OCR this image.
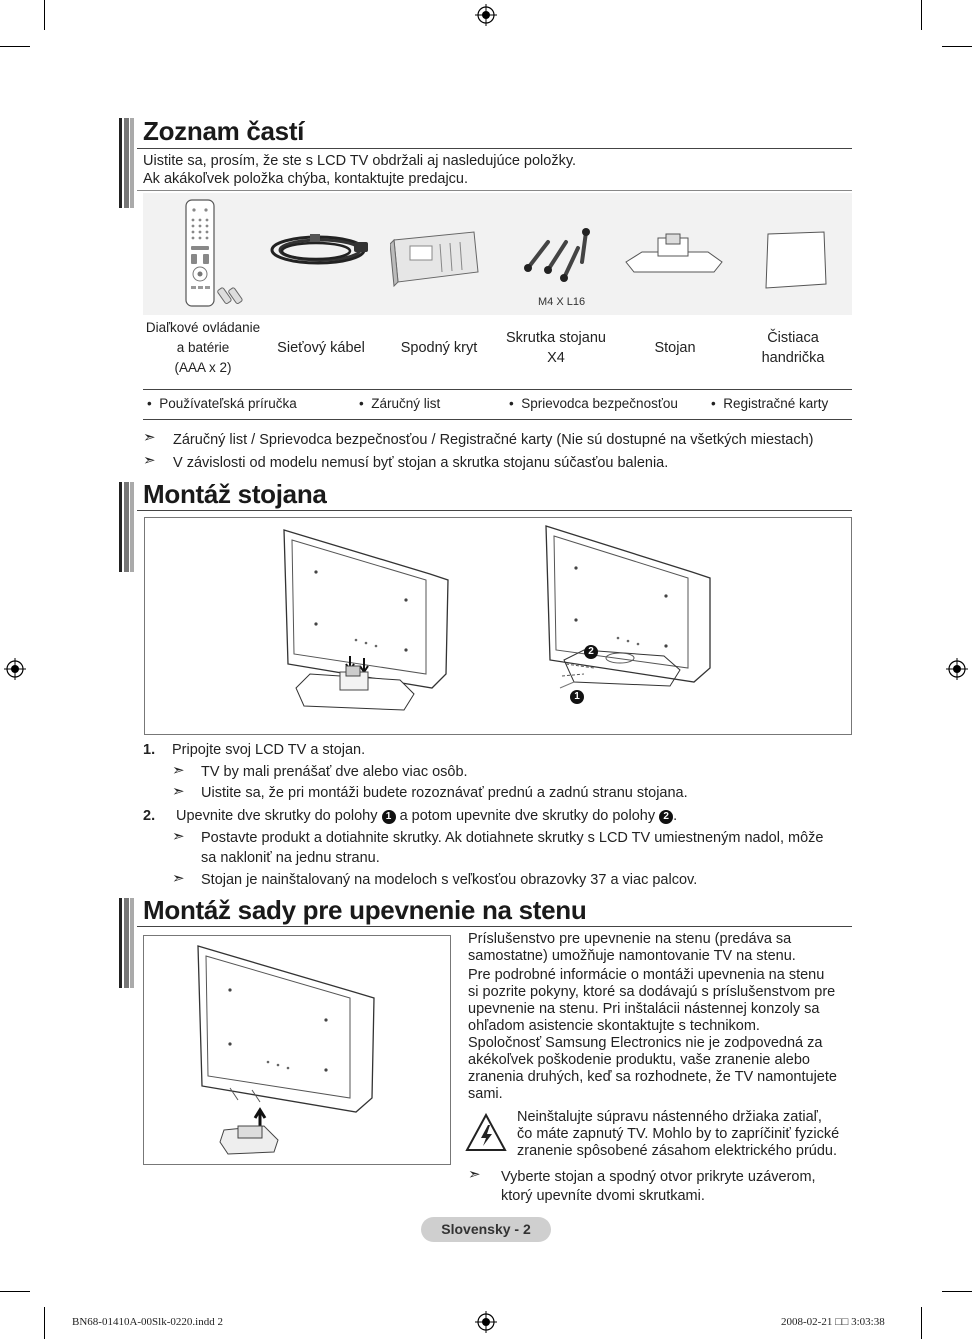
Zoznam častí
Uistite sa, prosím, že ste s LCD TV obdržali aj nasledujúce položky.
Ak akákoľvek položka chýba, kontaktujte predajcu.
M4 X L16
Diaľkové ovládanie
a batérie
(AAA x 2)
Sieťový kábel	Spodný kryt
Skrutka stojanu
X4
Stojan
Čistiaca
handrička
•  Používateľská príručka	•  Záručný list	•  Sprievodca bezpečnosťou •  Registračné karty
➣ Záručný list / Sprievodca bezpečnosťou / Registračné karty (Nie sú dostupné na všetkých miestach)
➣ V závislosti od modelu nemusí byť stojan a skrutka stojanu súčasťou balenia.
Montáž stojana
2
1
1. Pripojte svoj LCD TV a stojan.
➣ TV by mali prenášať dve alebo viac osôb.
➣ Uistite sa, že pri montáži budete rozoznávať prednú a zadnú stranu stojana.
2. Upevnite dve skrutky do polohy 1 a potom upevnite dve skrutky do polohy 2 .
➣ Postavte produkt a dotiahnite skrutky. Ak dotiahnete skrutky s LCD TV umiestneným nadol, môže
sa nakloniť na jednu stranu.
➣ Stojan je nainštalovaný na modeloch s veľkosťou obrazovky 37 a viac palcov.
Montáž sady pre upevnenie na stenu
Príslušenstvo pre upevnenie na stenu (predáva sa
samostatne) umožňuje namontovanie TV na stenu.
Pre podrobné informácie o montáži upevnenia na stenu
si pozrite pokyny, ktoré sa dodávajú s príslušenstvom pre
upevnenie na stenu. Pri inštalácii nástennej konzoly sa
ohľadom asistencie skontaktujte s technikom.
Spoločnosť Samsung Electronics nie je zodpovedná za
akékoľvek poškodenie produktu, vaše zranenie alebo
zranenia druhých, keď sa rozhodnete, že TV namontujete
sami.
Neinštalujte súpravu nástenného držiaka zatiaľ,
čo máte zapnutý TV. Mohlo by to zapríčiniť fyzické
zranenie spôsobené zásahom elektrického prúdu.
➣ Vyberte stojan a spodný otvor prikryte uzáverom,
ktorý upevníte dvomi skrutkami.
Slovensky - 2
BN68-01410A-00Slk-0220.indd 2	2008-02-21 □□ 3:03:38
